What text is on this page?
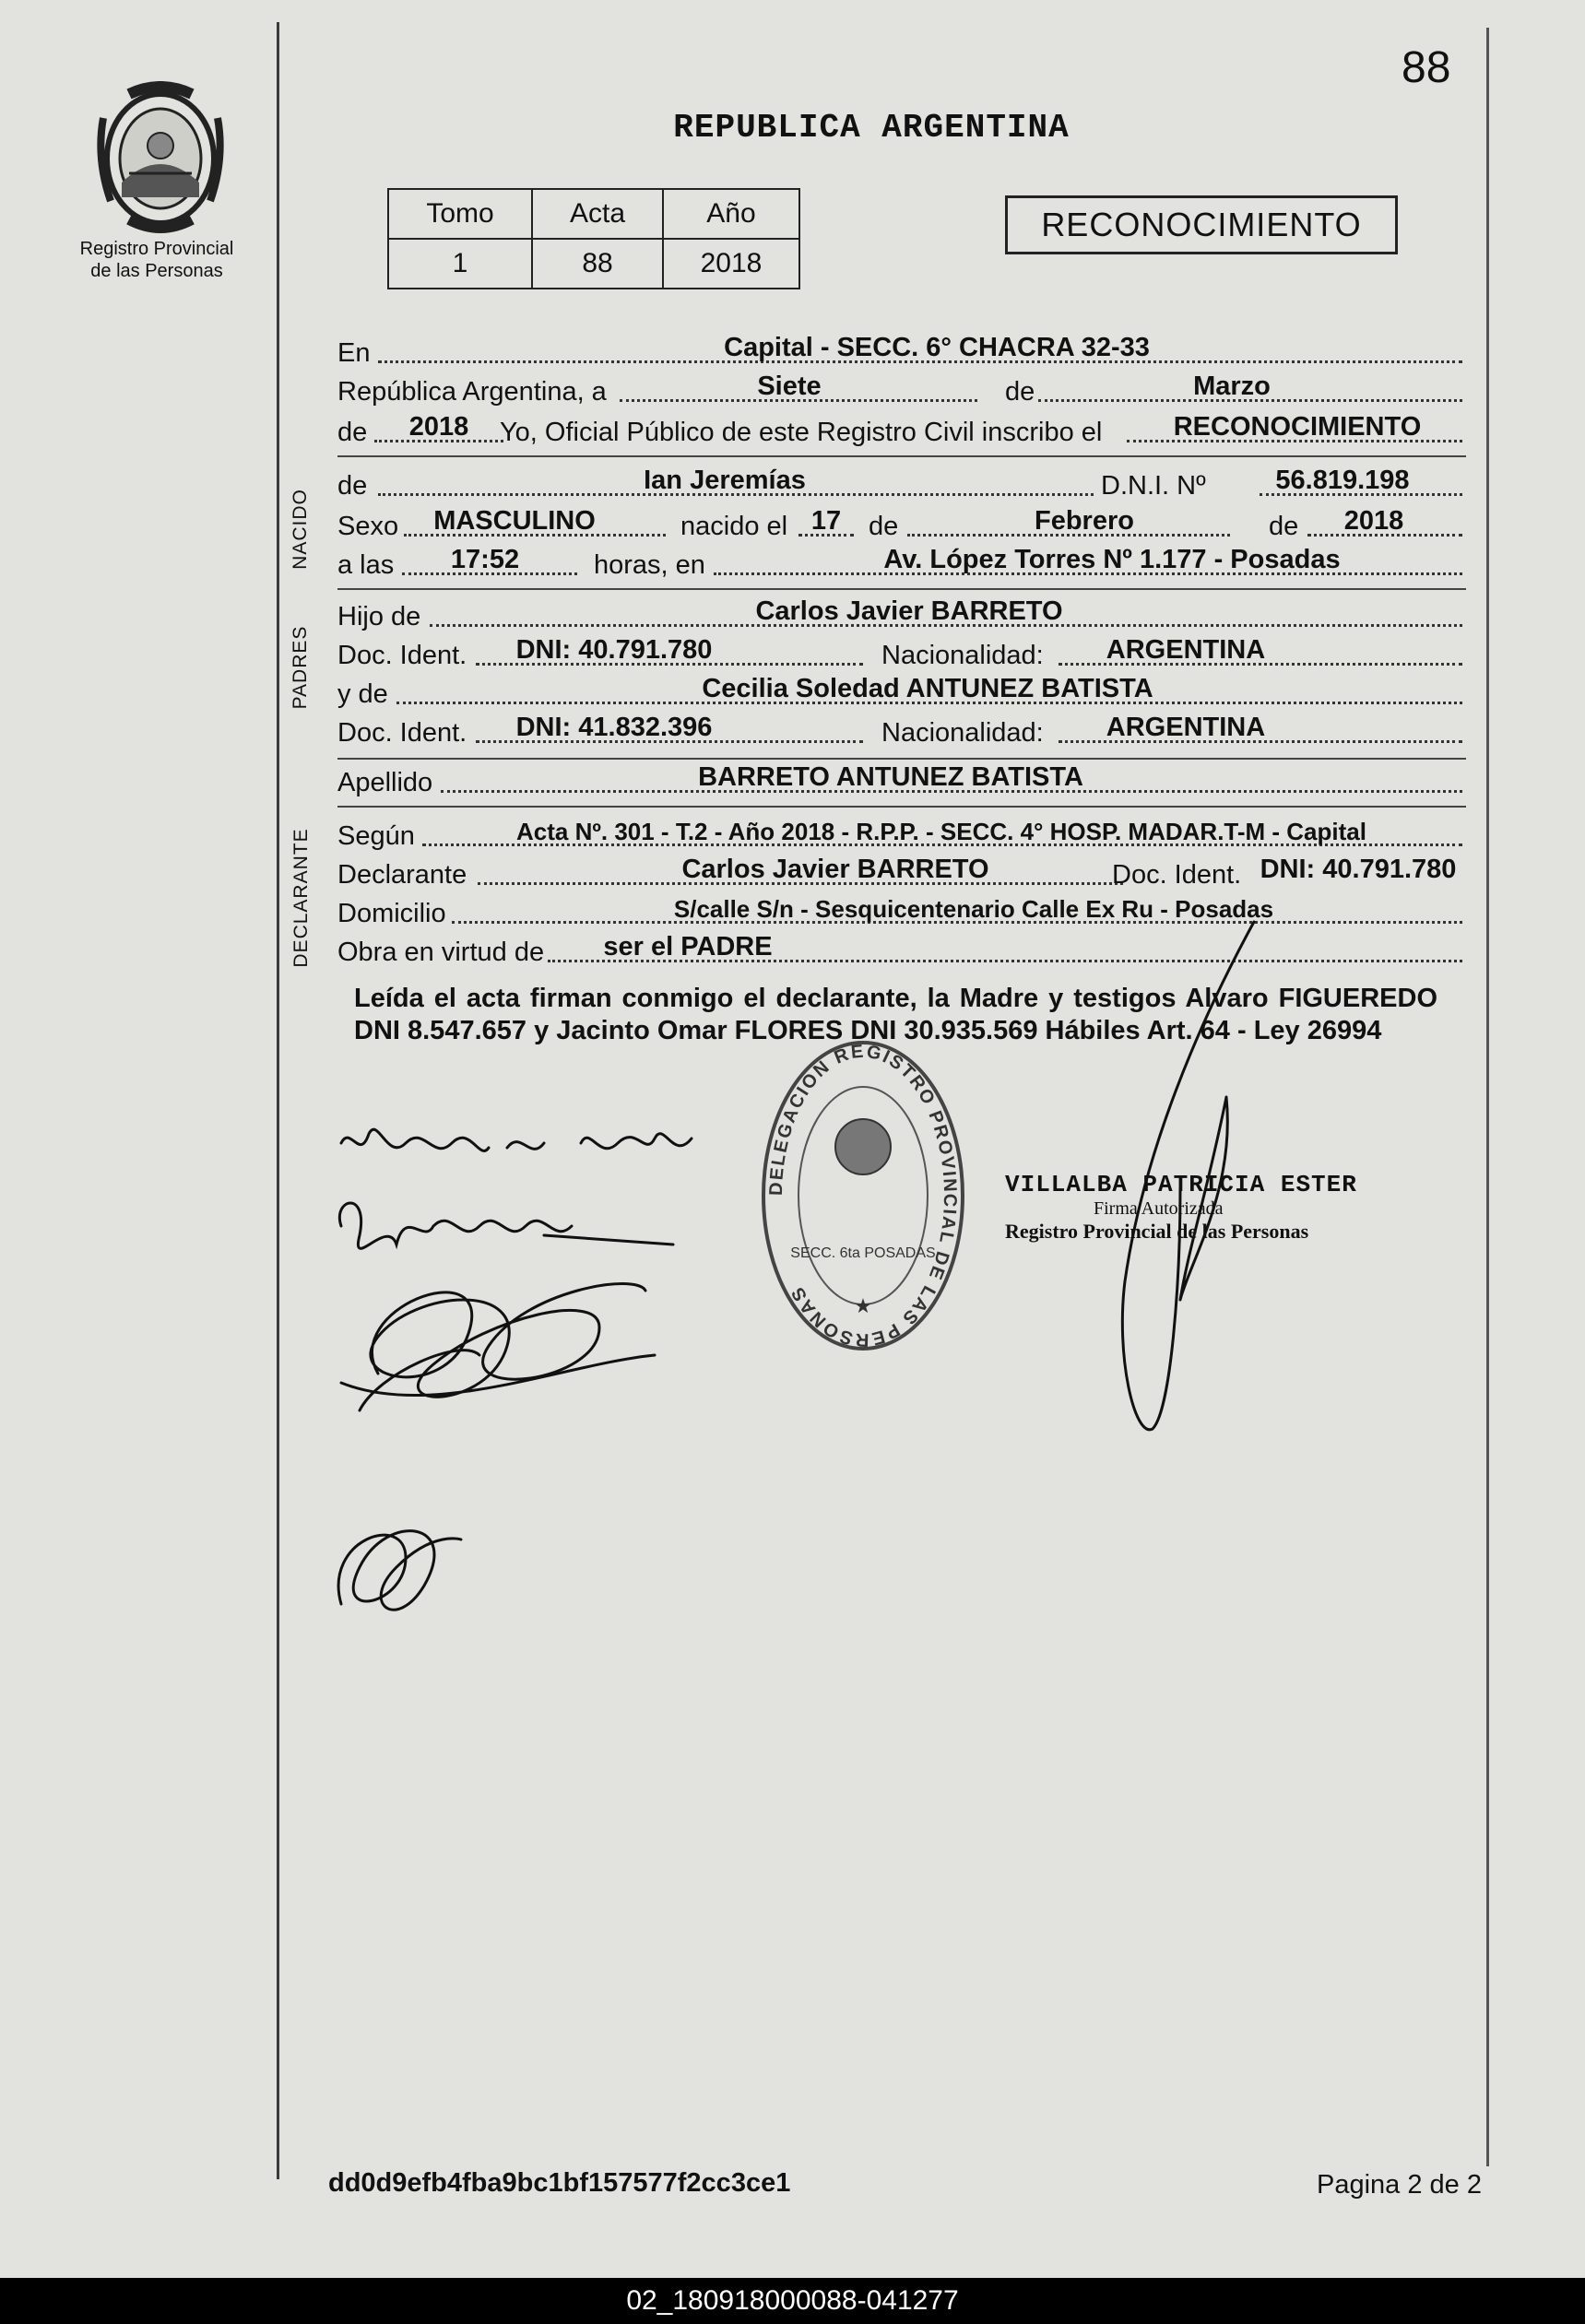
Registro Provincial
de las Personas
88
REPUBLICA ARGENTINA
Tomo	Acta	Año
1	88	2018
RECONOCIMIENTO
En	Capital - SECC. 6° CHACRA 32-33
República Argentina, a	Siete	de	Marzo
de	2018	Yo, Oficial Público de este Registro Civil inscribo el	RECONOCIMIENTO
NACIDO
de	Ian Jeremías	D.N.I. Nº	56.819.198
Sexo	MASCULINO	nacido el 17	de	Febrero	de	2018
a las	17:52	horas, en	Av. López Torres Nº 1.177 - Posadas
PADRES
Hijo de	Carlos Javier BARRETO
Doc. Ident.	DNI: 40.791.780	Nacionalidad:	ARGENTINA
y de	Cecilia Soledad ANTUNEZ BATISTA
Doc. Ident.	DNI: 41.832.396	Nacionalidad:	ARGENTINA
Apellido	BARRETO ANTUNEZ BATISTA
DECLARANTE Según	Acta Nº. 301 - T.2 - Año 2018 - R.P.P. - SECC. 4° HOSP. MADAR.T-M - Capital
Declarante	Carlos Javier BARRETO	Doc. Ident. DNI: 40.791.780
Domicilio	S/calle S/n - Sesquicentenario Calle Ex Ru - Posadas
Obra en virtud de	ser el PADRE
Leída el acta firman conmigo el declarante, la Madre y testigos Alvaro FIGUEREDO DNI 8.547.657 y Jacinto Omar FLORES DNI 30.935.569 Hábiles Art. 64 - Ley 26994
DELEGACION REGISTRO PROVINCIAL DE LAS PERSONAS
SECC. 6ta POSADAS
★
VILLALBA PATRICIA ESTER
Firma Autorizada
Registro Provincial de las Personas
dd0d9efb4fba9bc1bf157577f2cc3ce1	Pagina 2 de 2
02_180918000088-041277
